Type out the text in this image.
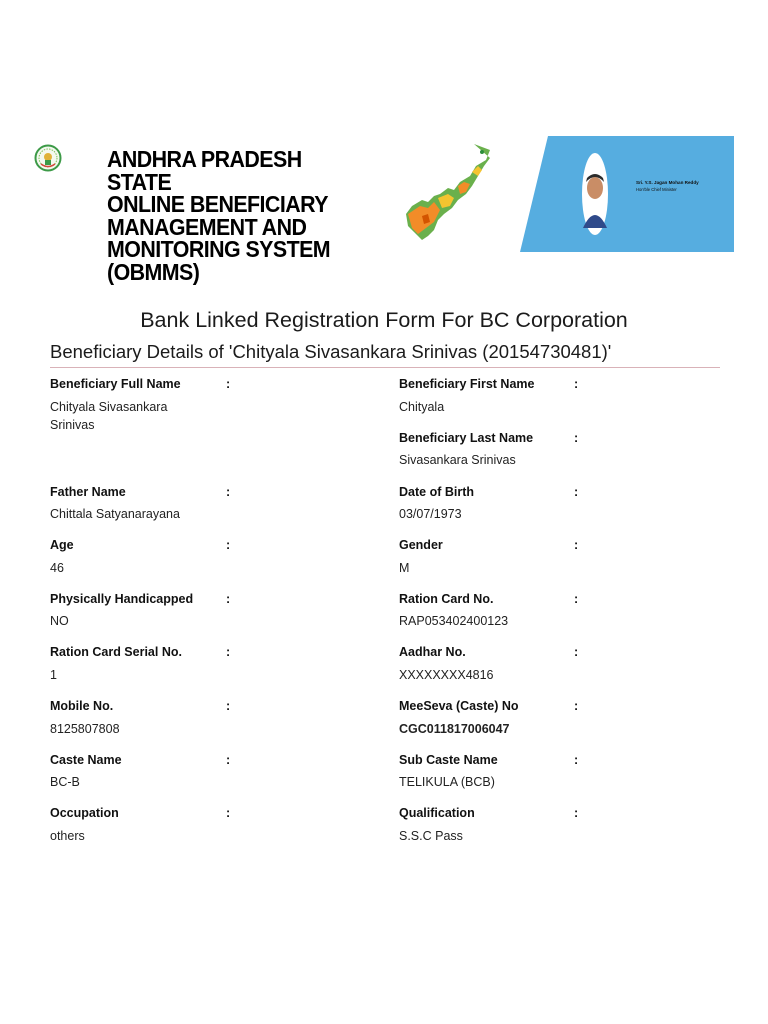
ANDHRA PRADESH
STATE
ONLINE BENEFICIARY
MANAGEMENT AND
MONITORING SYSTEM
(OBMMS)
Sri. Y.S. Jagan Mohan Reddy
Hon'ble Chief Minister
Bank Linked Registration Form For BC Corporation
Beneficiary Details of 'Chityala Sivasankara Srinivas (20154730481)'
Beneficiary Full Name	:
Chityala Sivasankara
Srinivas
Beneficiary First Name	:
Chityala
Beneficiary Last Name	:
Sivasankara Srinivas
Father Name	:
Chittala Satyanarayana
Date of Birth	:
03/07/1973
Age	:
46
Gender	:
M
Physically Handicapped	:
NO
Ration Card No.	:
RAP053402400123
Ration Card Serial No.	:
1
Aadhar No.	:
XXXXXXXX4816
Mobile No.	:
8125807808
MeeSeva (Caste) No	:
CGC011817006047
Caste Name	:
BC-B
Sub Caste Name	:
TELIKULA (BCB)
Occupation	:
others
Qualification	:
S.S.C Pass
